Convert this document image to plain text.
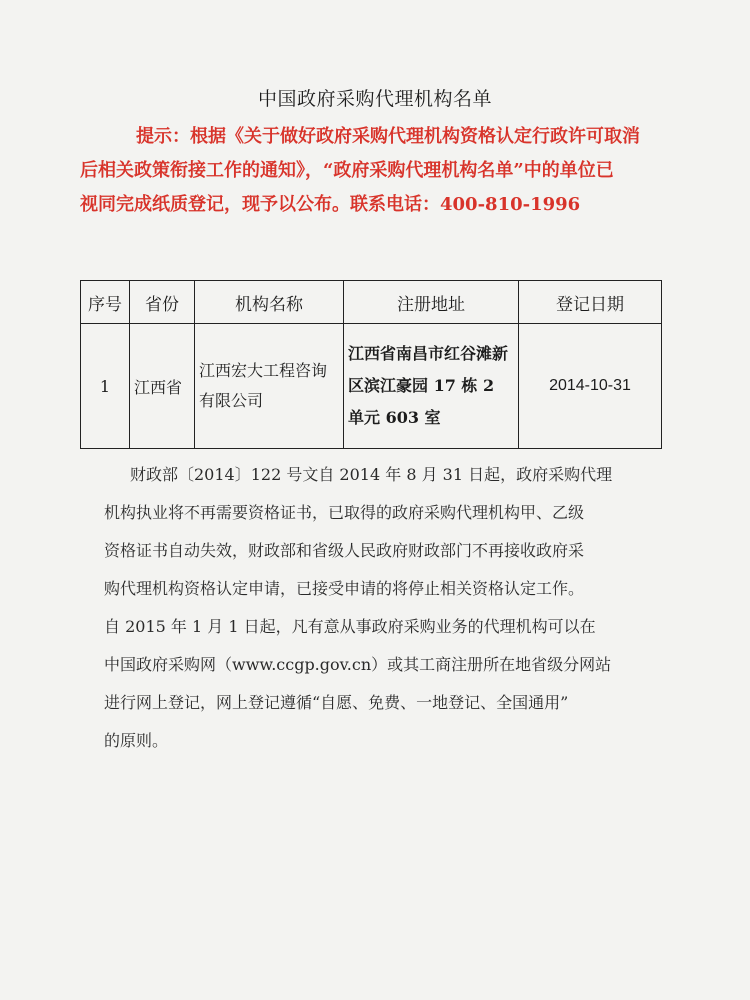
中国政府采购代理机构名单
提示：根据《关于做好政府采购代理机构资格认定行政许可取消
后相关政策衔接工作的通知》，“政府采购代理机构名单”中的单位已
视同完成纸质登记，现予以公布。联系电话：400-810-1996
序号	省份	机构名称	注册地址	登记日期
1	江西省	江西宏大工程咨询有限公司	江西省南昌市红谷滩新区滨江豪园 17 栋 2 单元 603 室	2014-10-31
财政部〔2014〕122 号文自 2014 年 8 月 31 日起，政府采购代理
机构执业将不再需要资格证书，已取得的政府采购代理机构甲、乙级
资格证书自动失效，财政部和省级人民政府财政部门不再接收政府采
购代理机构资格认定申请，已接受申请的将停止相关资格认定工作。
自 2015 年 1 月 1 日起，凡有意从事政府采购业务的代理机构可以在
中国政府采购网（www.ccgp.gov.cn）或其工商注册所在地省级分网站
进行网上登记，网上登记遵循“自愿、免费、一地登记、全国通用”
的原则。
